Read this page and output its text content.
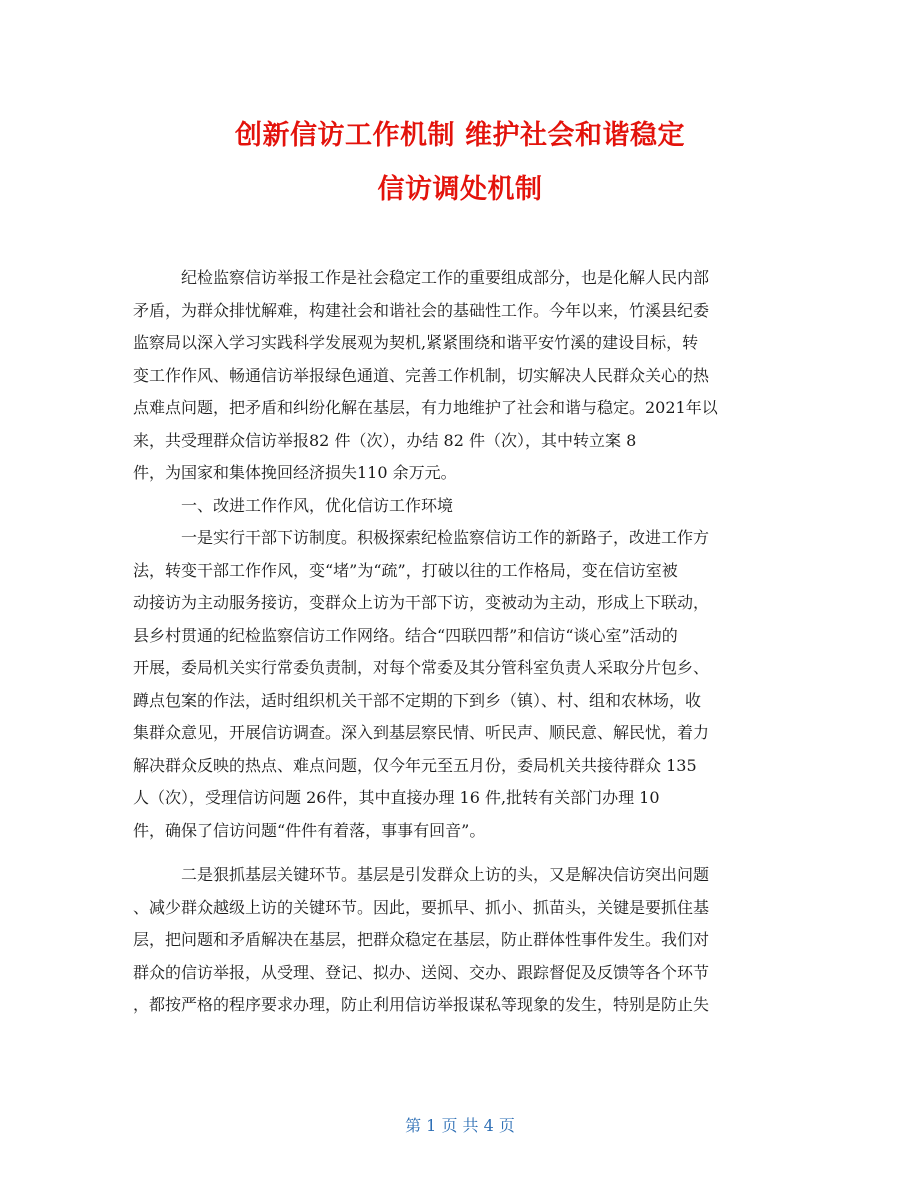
创新信访工作机制 维护社会和谐稳定
信访调处机制
纪检监察信访举报工作是社会稳定工作的重要组成部分，也是化解人民内部
矛盾，为群众排忧解难，构建社会和谐社会的基础性工作。今年以来，竹溪县纪委
监察局以深入学习实践科学发展观为契机,紧紧围绕和谐平安竹溪的建设目标，转
变工作作风、畅通信访举报绿色通道、完善工作机制，切实解决人民群众关心的热
点难点问题，把矛盾和纠纷化解在基层，有力地维护了社会和谐与稳定。2021年以
来，共受理群众信访举报82 件（次），办结 82 件（次），其中转立案 8
件，为国家和集体挽回经济损失110 余万元。
一、改进工作作风，优化信访工作环境
一是实行干部下访制度。积极探索纪检监察信访工作的新路子，改进工作方
法，转变干部工作作风，变“堵”为“疏”，打破以往的工作格局，变在信访室被
动接访为主动服务接访，变群众上访为干部下访，变被动为主动，形成上下联动，
县乡村贯通的纪检监察信访工作网络。结合“四联四帮”和信访“谈心室”活动的
开展，委局机关实行常委负责制，对每个常委及其分管科室负责人采取分片包乡、
蹲点包案的作法，适时组织机关干部不定期的下到乡（镇）、村、组和农林场，收
集群众意见，开展信访调查。深入到基层察民情、听民声、顺民意、解民忧，着力
解决群众反映的热点、难点问题，仅今年元至五月份，委局机关共接待群众 135
人（次），受理信访问题 26件，其中直接办理 16 件,批转有关部门办理 10
件，确保了信访问题“件件有着落，事事有回音”。
二是狠抓基层关键环节。基层是引发群众上访的头，又是解决信访突出问题
、减少群众越级上访的关键环节。因此，要抓早、抓小、抓苗头，关键是要抓住基
层，把问题和矛盾解决在基层，把群众稳定在基层，防止群体性事件发生。我们对
群众的信访举报，从受理、登记、拟办、送阅、交办、跟踪督促及反馈等各个环节
，都按严格的程序要求办理，防止利用信访举报谋私等现象的发生，特别是防止失
第 1 页 共 4 页
